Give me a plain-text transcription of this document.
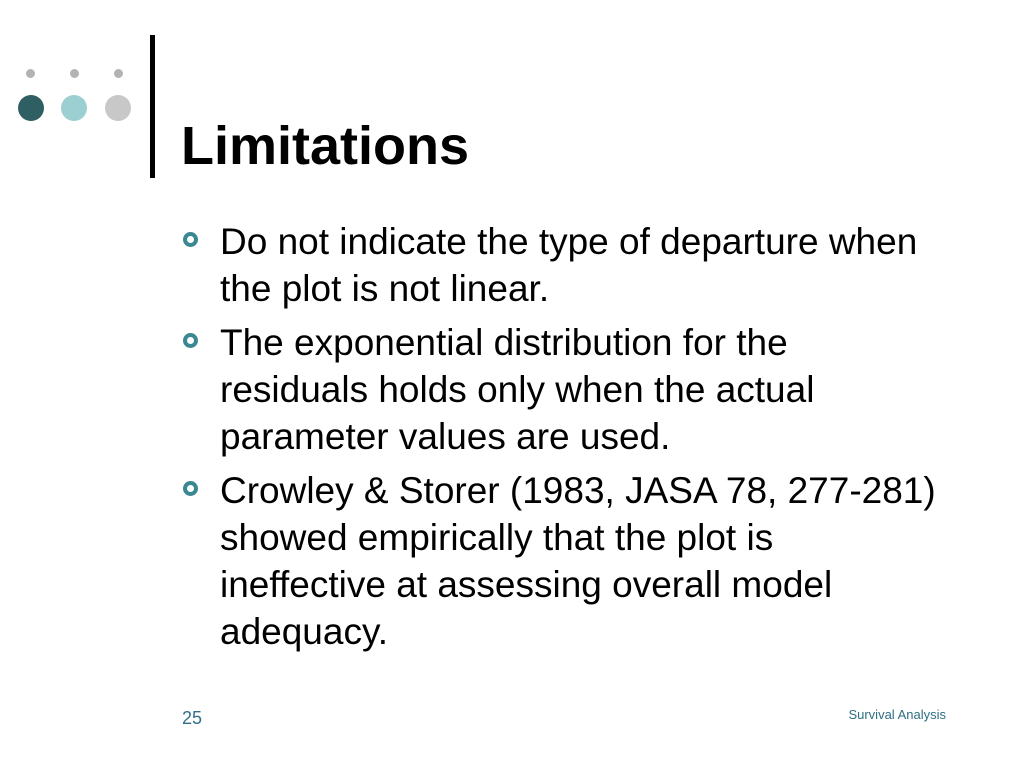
Limitations
Do not indicate the type of departure when the plot is not linear.
The exponential distribution for the residuals holds only when the actual parameter values are used.
Crowley & Storer (1983, JASA 78, 277-281) showed empirically that the plot is ineffective at assessing overall model adequacy.
25	Survival Analysis
